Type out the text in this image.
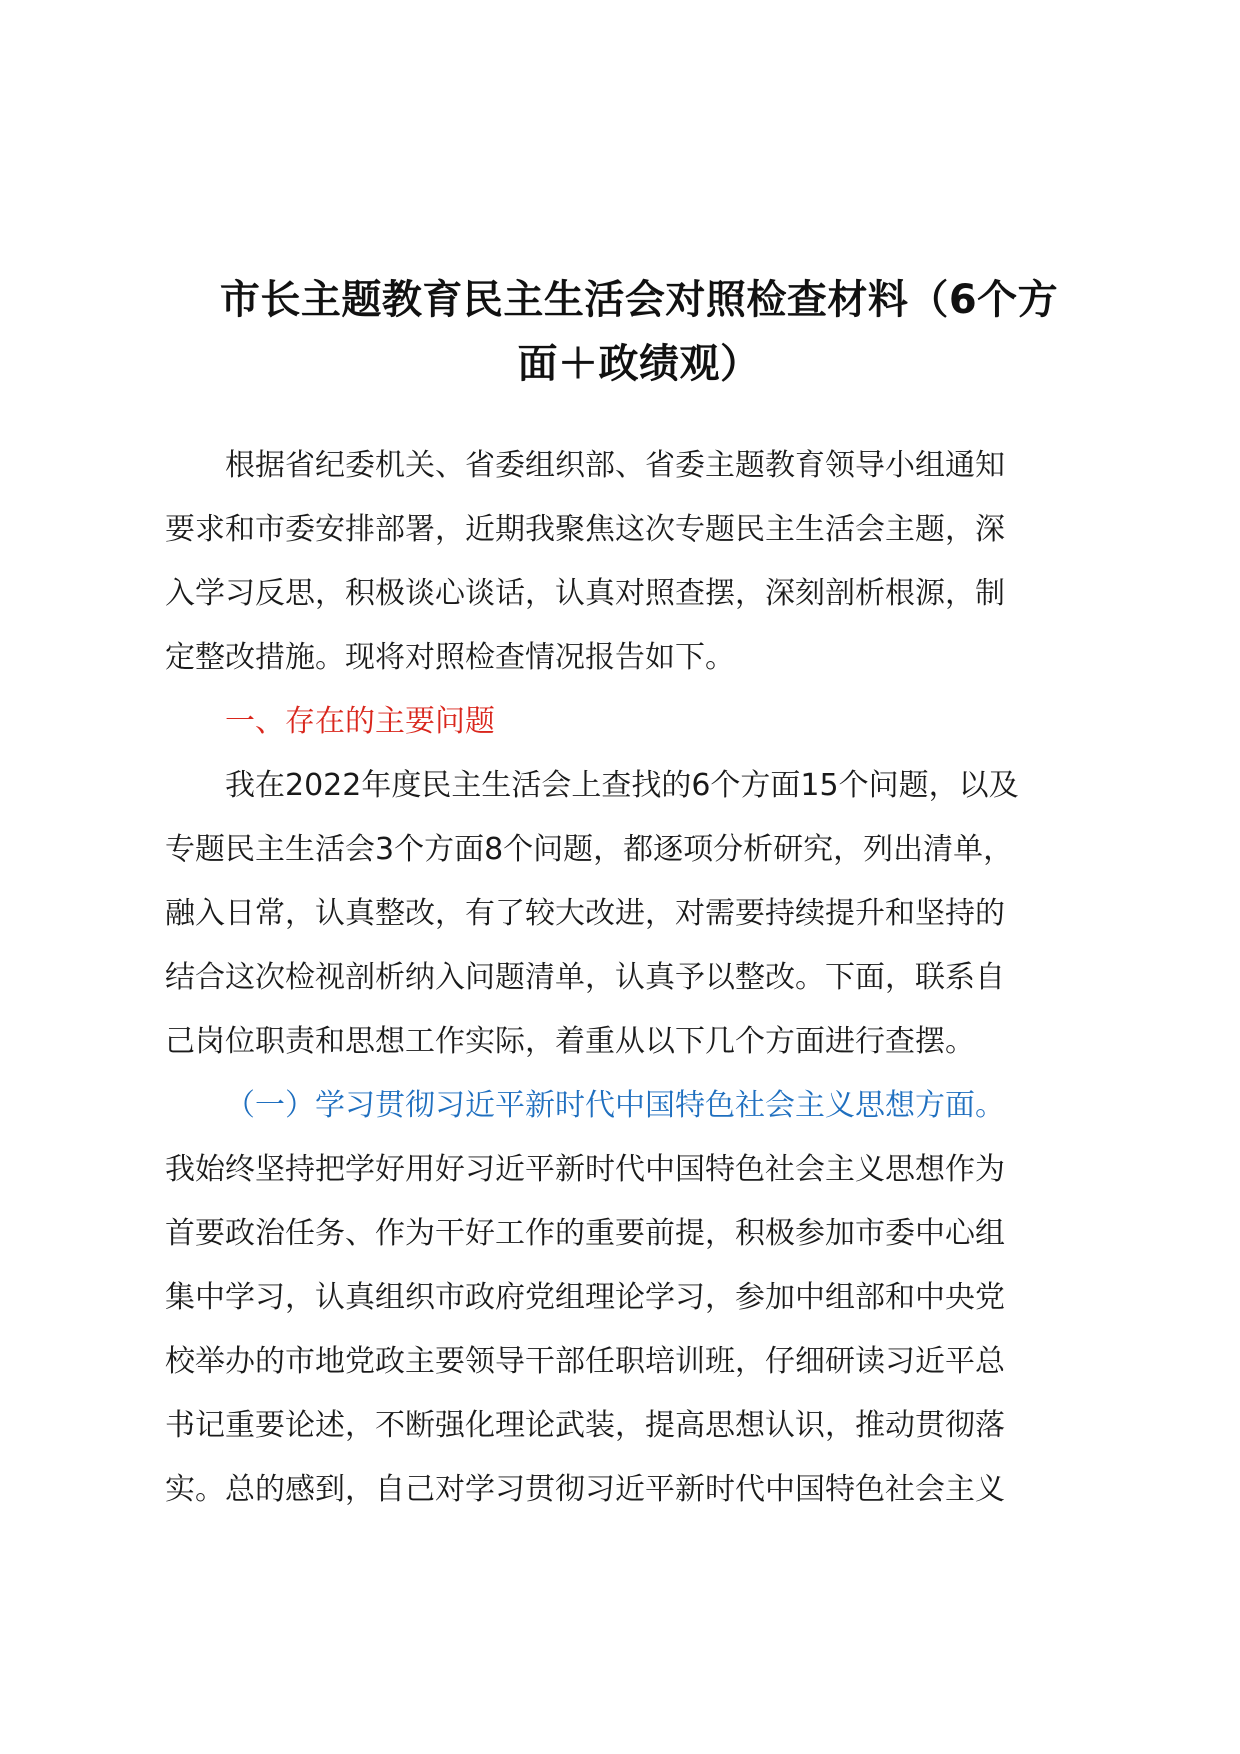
市长主题教育民主生活会对照检查材料（6个方
面＋政绩观）

根据省纪委机关、省委组织部、省委主题教育领导小组通知
要求和市委安排部署，近期我聚焦这次专题民主生活会主题，深
入学习反思，积极谈心谈话，认真对照查摆，深刻剖析根源，制
定整改措施。现将对照检查情况报告如下。

一、存在的主要问题

我在2022年度民主生活会上查找的6个方面15个问题，以及
专题民主生活会3个方面8个问题，都逐项分析研究，列出清单，
融入日常，认真整改，有了较大改进，对需要持续提升和坚持的
结合这次检视剖析纳入问题清单，认真予以整改。下面，联系自
己岗位职责和思想工作实际，着重从以下几个方面进行查摆。

（一）学习贯彻习近平新时代中国特色社会主义思想方面。
我始终坚持把学好用好习近平新时代中国特色社会主义思想作为
首要政治任务、作为干好工作的重要前提，积极参加市委中心组
集中学习，认真组织市政府党组理论学习，参加中组部和中央党
校举办的市地党政主要领导干部任职培训班，仔细研读习近平总
书记重要论述，不断强化理论武装，提高思想认识，推动贯彻落
实。总的感到，自己对学习贯彻习近平新时代中国特色社会主义
